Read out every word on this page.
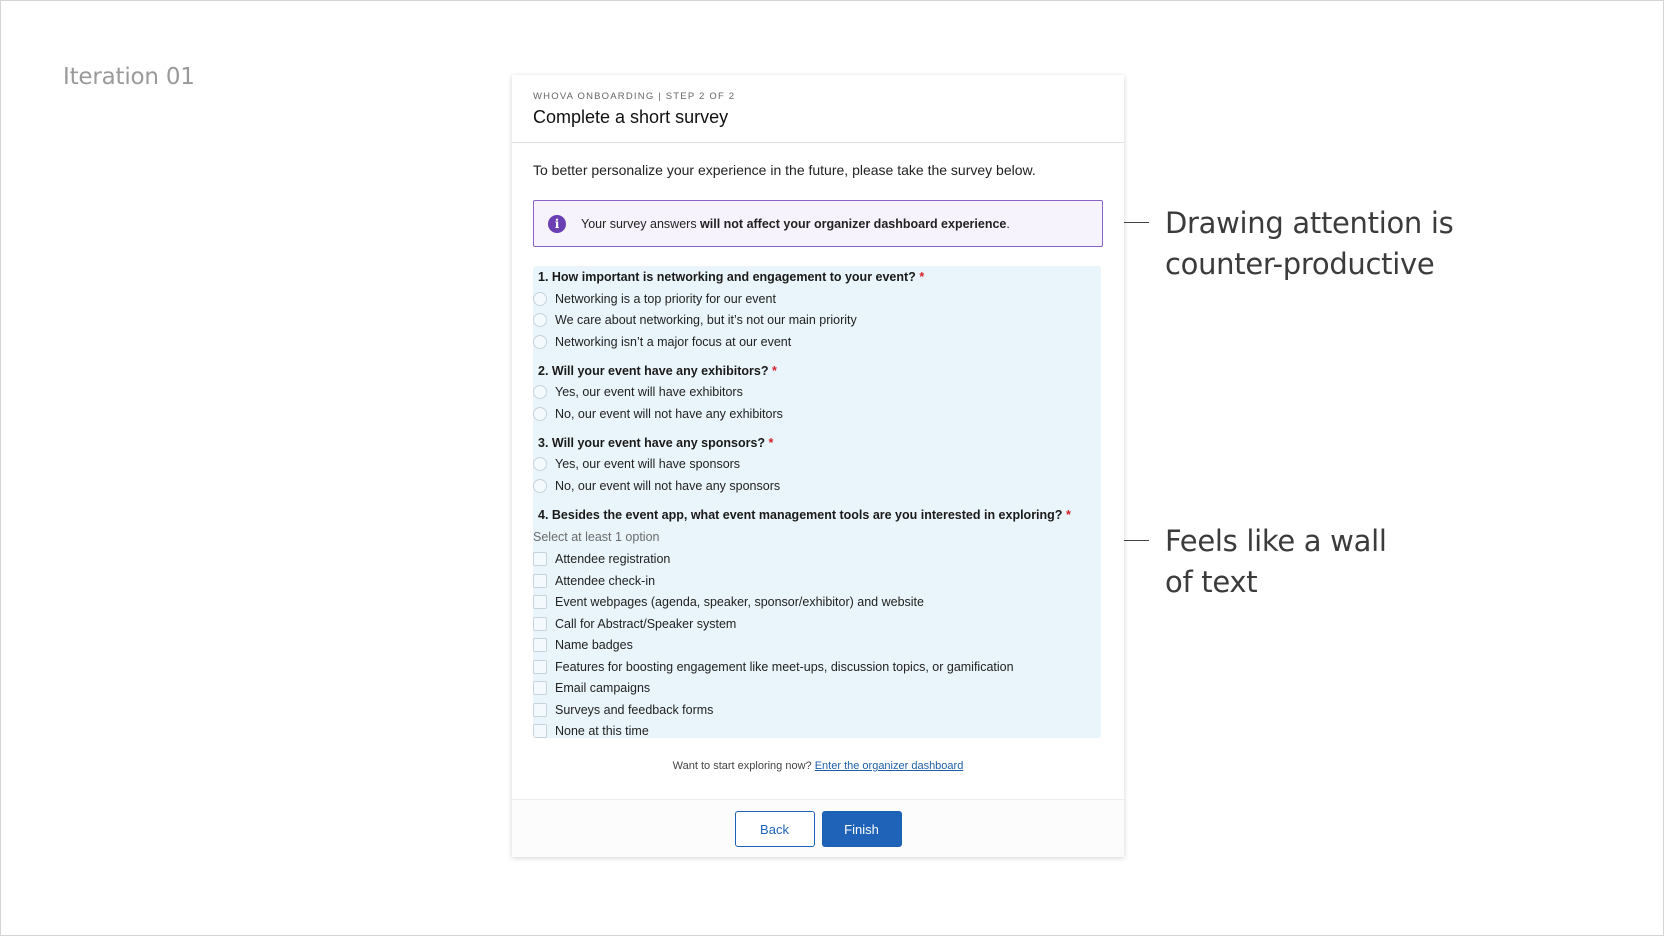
Iteration 01
Drawing attention is
counter-productive
Feels like a wall
of text
WHOVA ONBOARDING | STEP 2 OF 2
Complete a short survey
To better personalize your experience in the future, please take the survey below.
i	Your survey answers will not affect your organizer dashboard experience.
1. How important is networking and engagement to your event? *
Networking is a top priority for our event
We care about networking, but it’s not our main priority
Networking isn’t a major focus at our event
2. Will your event have any exhibitors? *
Yes, our event will have exhibitors
No, our event will not have any exhibitors
3. Will your event have any sponsors? *
Yes, our event will have sponsors
No, our event will not have any sponsors
4. Besides the event app, what event management tools are you interested in exploring? *
Select at least 1 option
Attendee registration
Attendee check-in
Event webpages (agenda, speaker, sponsor/exhibitor) and website
Call for Abstract/Speaker system
Name badges
Features for boosting engagement like meet-ups, discussion topics, or gamification
Email campaigns
Surveys and feedback forms
None at this time
Want to start exploring now? Enter the organizer dashboard
Back	Finish
